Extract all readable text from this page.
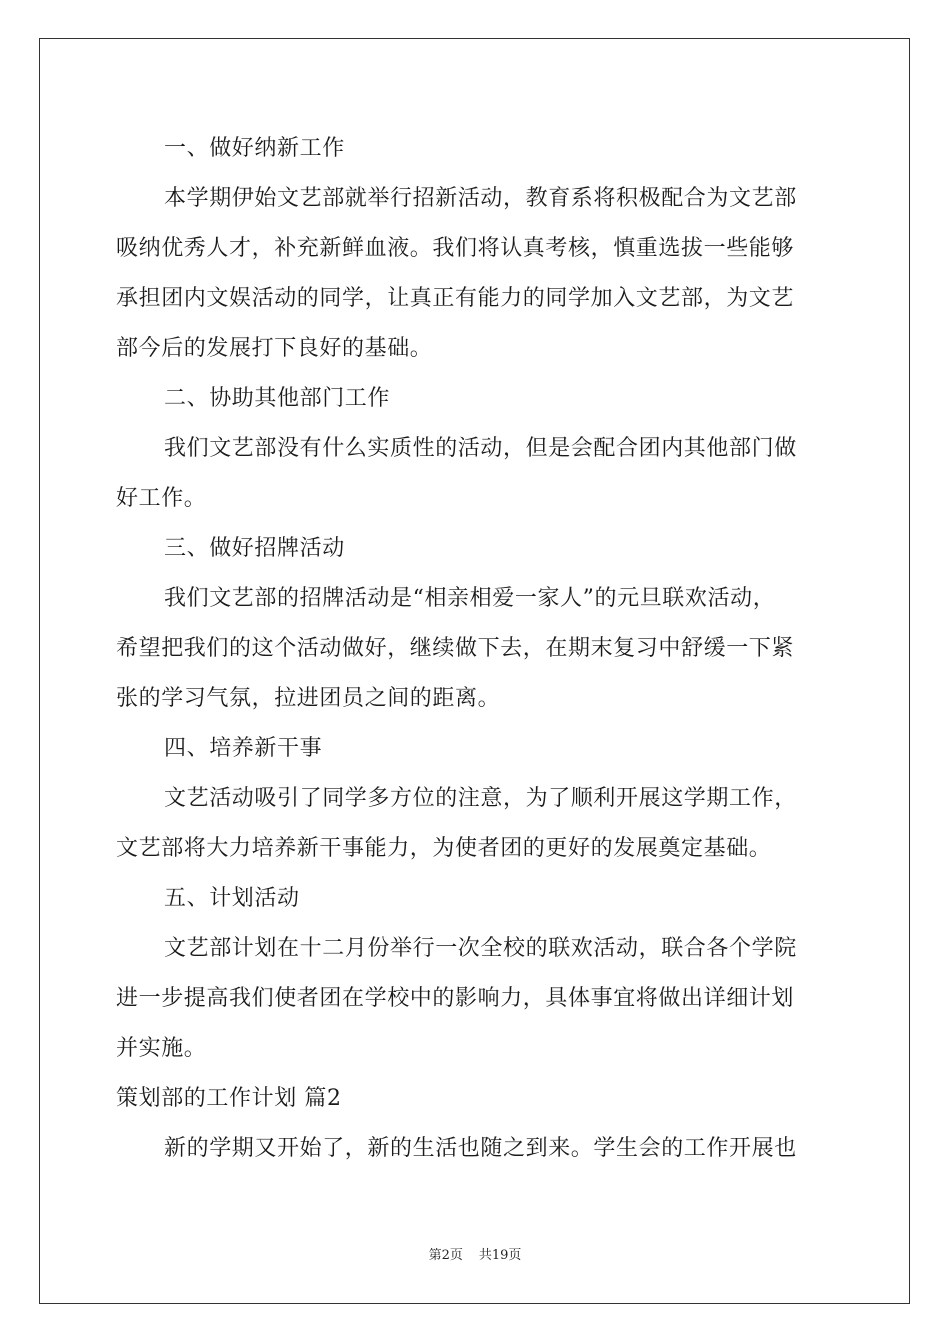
一、做好纳新工作
本学期伊始文艺部就举行招新活动，教育系将积极配合为文艺部
吸纳优秀人才，补充新鲜血液。我们将认真考核，慎重选拔一些能够
承担团内文娱活动的同学，让真正有能力的同学加入文艺部，为文艺
部今后的发展打下良好的基础。
二、协助其他部门工作
我们文艺部没有什么实质性的活动，但是会配合团内其他部门做
好工作。
三、做好招牌活动
我们文艺部的招牌活动是“相亲相爱一家人”的元旦联欢活动，
希望把我们的这个活动做好，继续做下去，在期末复习中舒缓一下紧
张的学习气氛，拉进团员之间的距离。
四、培养新干事
文艺活动吸引了同学多方位的注意，为了顺利开展这学期工作，
文艺部将大力培养新干事能力，为使者团的更好的发展奠定基础。
五、计划活动
文艺部计划在十二月份举行一次全校的联欢活动，联合各个学院
进一步提高我们使者团在学校中的影响力，具体事宜将做出详细计划
并实施。
策划部的工作计划 篇2
新的学期又开始了，新的生活也随之到来。学生会的工作开展也
第2页 共19页
